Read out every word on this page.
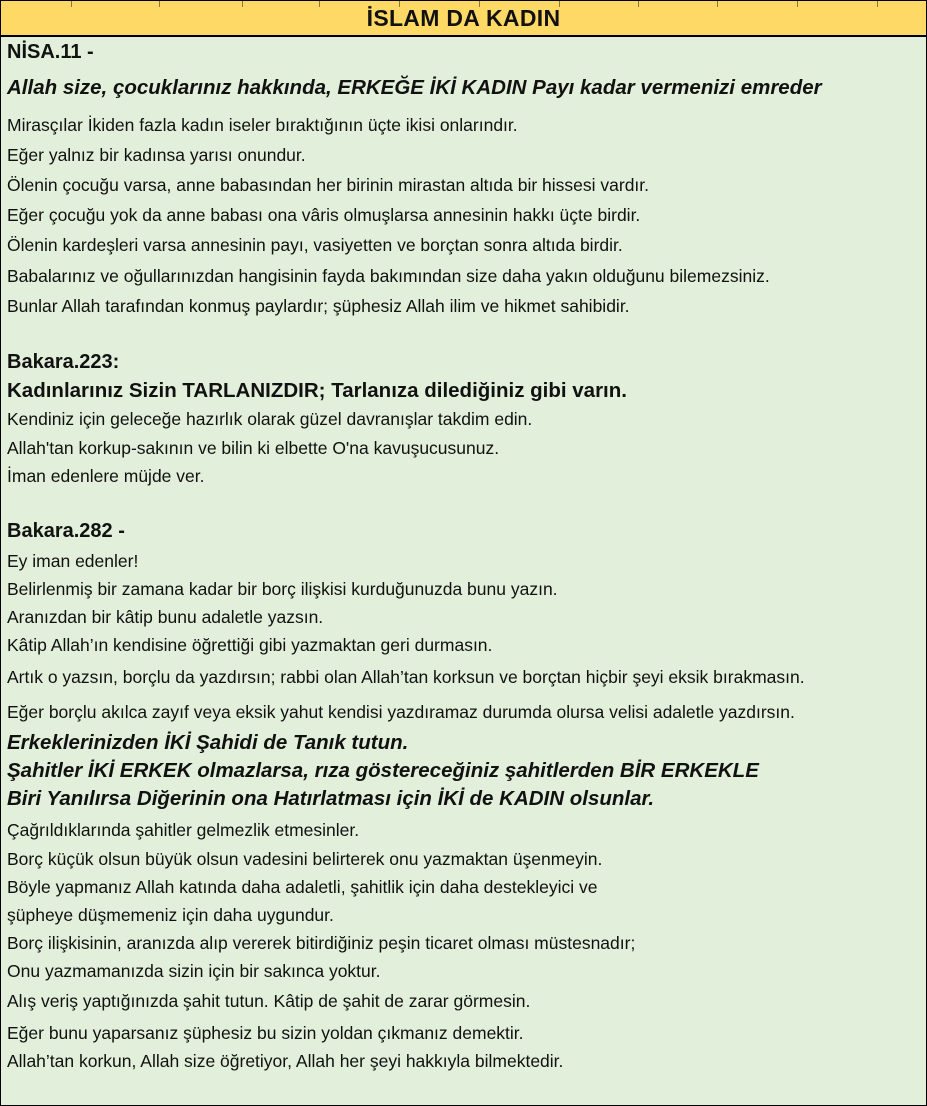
İSLAM DA KADIN
NİSA.11 -
Allah size, çocuklarınız hakkında, ERKEĞE İKİ KADIN Payı kadar vermenizi emreder
Mirasçılar İkiden fazla kadın iseler bıraktığının üçte ikisi onlarındır.
Eğer yalnız bir kadınsa yarısı onundur.
Ölenin çocuğu varsa, anne babasından her birinin mirastan altıda bir hissesi vardır.
Eğer çocuğu yok da anne babası ona vâris olmuşlarsa annesinin hakkı üçte birdir.
Ölenin kardeşleri varsa annesinin payı, vasiyetten ve borçtan sonra altıda birdir.
Babalarınız ve oğullarınızdan hangisinin fayda bakımından size daha yakın olduğunu bilemezsiniz.
Bunlar Allah tarafından konmuş paylardır; şüphesiz Allah ilim ve hikmet sahibidir.
Bakara.223:
Kadınlarınız Sizin TARLANIZDIR; Tarlanıza dilediğiniz gibi varın.
Kendiniz için geleceğe hazırlık olarak güzel davranışlar takdim edin.
Allah'tan korkup-sakının ve bilin ki elbette O'na kavuşucusunuz.
İman edenlere müjde ver.
Bakara.282 -
Ey iman edenler!
Belirlenmiş bir zamana kadar bir borç ilişkisi kurduğunuzda bunu yazın.
Aranızdan bir kâtip bunu adaletle yazsın.
Kâtip Allah’ın kendisine öğrettiği gibi yazmaktan geri durmasın.
Artık o yazsın, borçlu da yazdırsın; rabbi olan Allah’tan korksun ve borçtan hiçbir şeyi eksik bırakmasın.
Eğer borçlu akılca zayıf veya eksik yahut kendisi yazdıramaz durumda olursa velisi adaletle yazdırsın.
Erkeklerinizden İKİ Şahidi de Tanık tutun.
Şahitler İKİ ERKEK olmazlarsa, rıza göstereceğiniz şahitlerden BİR ERKEKLE
Biri Yanılırsa Diğerinin ona Hatırlatması için İKİ de KADIN olsunlar.
Çağrıldıklarında şahitler gelmezlik etmesinler.
Borç küçük olsun büyük olsun vadesini belirterek onu yazmaktan üşenmeyin.
Böyle yapmanız Allah katında daha adaletli, şahitlik için daha destekleyici ve
şüpheye düşmemeniz için daha uygundur.
Borç ilişkisinin, aranızda alıp vererek bitirdiğiniz peşin ticaret olması müstesnadır;
Onu yazmamanızda sizin için bir sakınca yoktur.
Alış veriş yaptığınızda şahit tutun. Kâtip de şahit de zarar görmesin.
Eğer bunu yaparsanız şüphesiz bu sizin yoldan çıkmanız demektir.
Allah’tan korkun, Allah size öğretiyor, Allah her şeyi hakkıyla bilmektedir.
